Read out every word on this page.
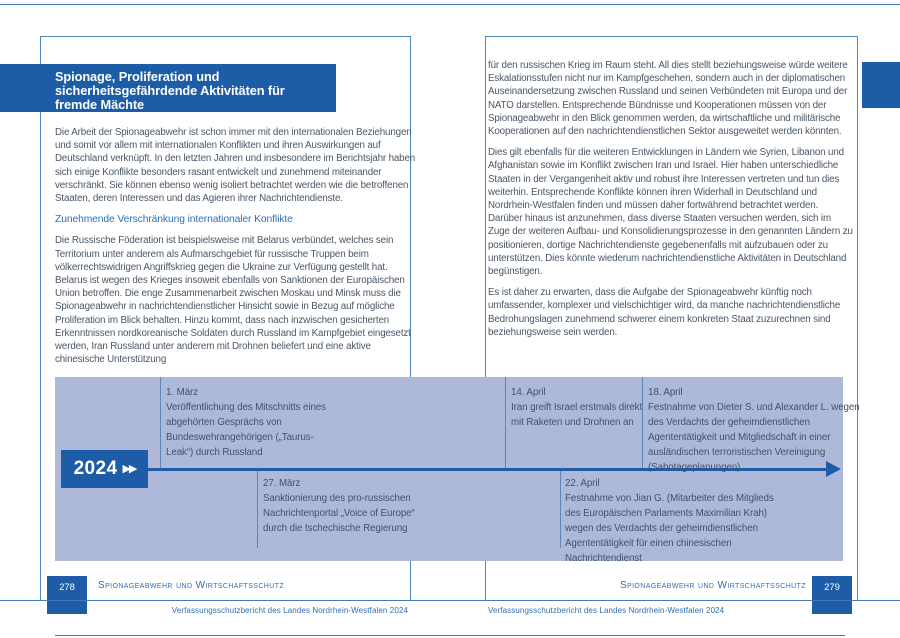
Spionage, Proliferation und sicherheitsgefährdende Aktivitäten für fremde Mächte

Die Arbeit der Spionageabwehr ist schon immer mit den internationalen Beziehungen und somit vor allem mit internationalen Konflikten und ihren Auswirkungen auf Deutschland verknüpft. In den letzten Jahren und insbesondere im Berichtsjahr haben sich einige Konflikte besonders rasant entwickelt und zunehmend miteinander verschränkt. Sie können ebenso wenig isoliert betrachtet werden wie die betroffenen Staaten, deren Interessen und das Agieren ihrer Nachrichtendienste.

Zunehmende Verschränkung internationaler Konflikte

Die Russische Föderation ist beispielsweise mit Belarus verbündet, welches sein Territorium unter anderem als Aufmarschgebiet für russische Truppen beim völkerrechtswidrigen Angriffskrieg gegen die Ukraine zur Verfügung gestellt hat. Belarus ist wegen des Krieges insoweit ebenfalls von Sanktionen der Europäischen Union betroffen. Die enge Zusammenarbeit zwischen Moskau und Minsk muss die Spionageabwehr in nachrichtendienstlicher Hinsicht sowie in Bezug auf mögliche Proliferation im Blick behalten. Hinzu kommt, dass nach inzwischen gesicherten Erkenntnissen nordkoreanische Soldaten durch Russland im Kampfgebiet eingesetzt werden, Iran Russland unter anderem mit Drohnen beliefert und eine aktive chinesische Unterstützung

für den russischen Krieg im Raum steht. All dies stellt beziehungsweise würde weitere Eskalationsstufen nicht nur im Kampfgeschehen, sondern auch in der diplomatischen Auseinandersetzung zwischen Russland und seinen Verbündeten mit Europa und der NATO darstellen. Entsprechende Bündnisse und Kooperationen müssen von der Spionageabwehr in den Blick genommen werden, da wirtschaftliche und militärische Kooperationen auf den nachrichtendienstlichen Sektor ausgeweitet werden könnten.

Dies gilt ebenfalls für die weiteren Entwicklungen in Ländern wie Syrien, Libanon und Afghanistan sowie im Konflikt zwischen Iran und Israel. Hier haben unterschiedliche Staaten in der Vergangenheit aktiv und robust ihre Interessen vertreten und tun dies weiterhin. Entsprechende Konflikte können ihren Widerhall in Deutschland und Nordrhein-Westfalen finden und müssen daher fortwährend betrachtet werden. Darüber hinaus ist anzunehmen, dass diverse Staaten versuchen werden, sich im Zuge der weiteren Aufbau- und Konsolidierungsprozesse in den genannten Ländern zu positionieren, dortige Nachrichtendienste gegebenenfalls mit aufzubauen oder zu unterstützen. Dies könnte wiederum nachrichtendienstliche Aktivitäten in Deutschland begünstigen.

Es ist daher zu erwarten, dass die Aufgabe der Spionageabwehr künftig noch umfassender, komplexer und vielschichtiger wird, da manche nachrichtendienstliche Bedrohungslagen zunehmend schwerer einem konkreten Staat zuzurechnen sind beziehungsweise sein werden.

2024 ▶▶
1. März
Veröffentlichung des Mitschnitts eines abgehörten Gesprächs von Bundeswehrangehörigen („Taurus-Leak“) durch Russland
27. März
Sanktionierung des pro-russischen Nachrichtenportal „Voice of Europe“ durch die tschechische Regierung
14. April
Iran greift Israel erstmals direkt mit Raketen und Drohnen an
18. April
Festnahme von Dieter S. und Alexander L. wegen des Verdachts der geheimdienstlichen Agententätigkeit und Mitgliedschaft in einer ausländischen terroristischen Vereinigung (Sabotageplanungen)
22. April
Festnahme von Jian G. (Mitarbeiter des Mitglieds des Europäischen Parlaments Maximilian Krah) wegen des Verdachts der geheimdienstlichen Agententätigkeit für einen chinesischen Nachrichtendienst
278	Spionageabwehr und Wirtschaftsschutz	Spionageabwehr und Wirtschaftsschutz	279
Verfassungsschutzbericht des Landes Nordrhein-Westfalen 2024	Verfassungsschutzbericht des Landes Nordrhein-Westfalen 2024
